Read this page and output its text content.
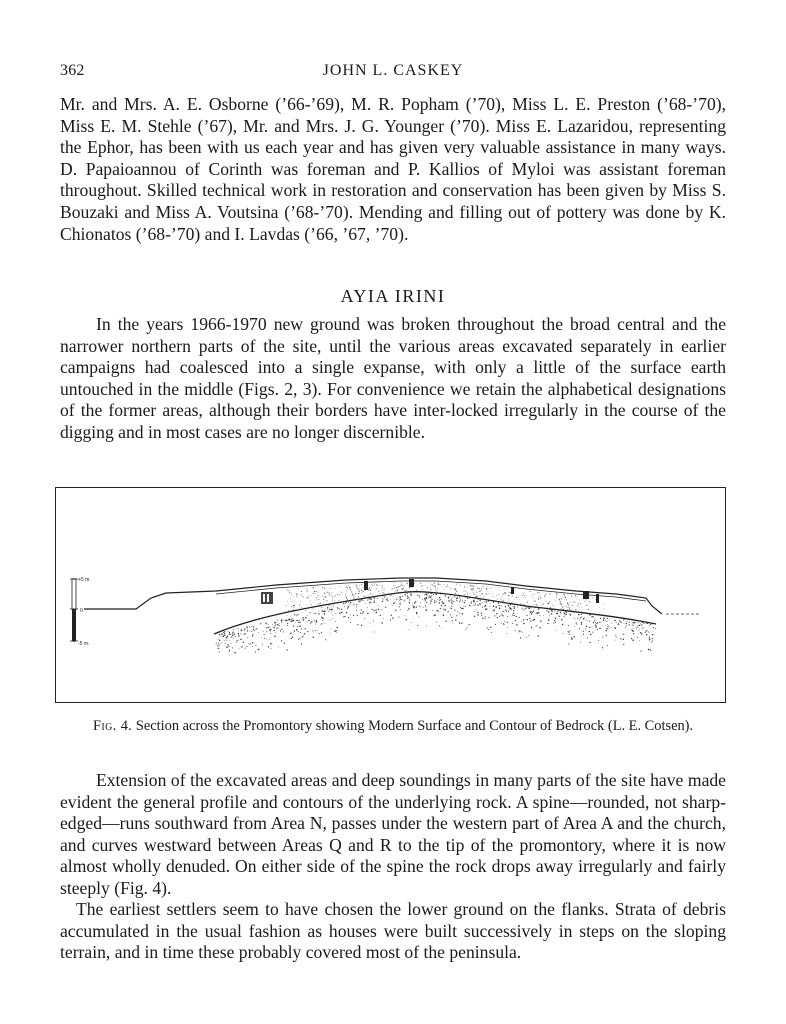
362	JOHN L. CASKEY

Mr. and Mrs. A. E. Osborne (’66-’69), M. R. Popham (’70), Miss L. E. Preston (’68-’70), Miss E. M. Stehle (’67), Mr. and Mrs. J. G. Younger (’70). Miss E. Lazaridou, representing the Ephor, has been with us each year and has given very valuable assistance in many ways. D. Papaioannou of Corinth was foreman and P. Kallios of Myloi was assistant foreman throughout. Skilled technical work in restoration and conservation has been given by Miss S. Bouzaki and Miss A. Voutsina (’68-’70). Mending and filling out of pottery was done by K. Chionatos (’68-’70) and I. Lavdas (’66, ’67, ’70).

AYIA IRINI

In the years 1966-1970 new ground was broken throughout the broad central and the narrower northern parts of the site, until the various areas excavated separately in earlier campaigns had coalesced into a single expanse, with only a little of the surface earth untouched in the middle (Figs. 2, 3). For convenience we retain the alphabetical designations of the former areas, although their borders have inter-locked irregularly in the course of the digging and in most cases are no longer discernible.

+5 m.
0
-5 m.
Fig. 4. Section across the Promontory showing Modern Surface and Contour of Bedrock (L. E. Cotsen).

Extension of the excavated areas and deep soundings in many parts of the site have made evident the general profile and contours of the underlying rock. A spine—rounded, not sharp-edged—runs southward from Area N, passes under the western part of Area A and the church, and curves westward between Areas Q and R to the tip of the promontory, where it is now almost wholly denuded. On either side of the spine the rock drops away irregularly and fairly steeply (Fig. 4).

The earliest settlers seem to have chosen the lower ground on the flanks. Strata of debris accumulated in the usual fashion as houses were built successively in steps on the sloping terrain, and in time these probably covered most of the peninsula.
